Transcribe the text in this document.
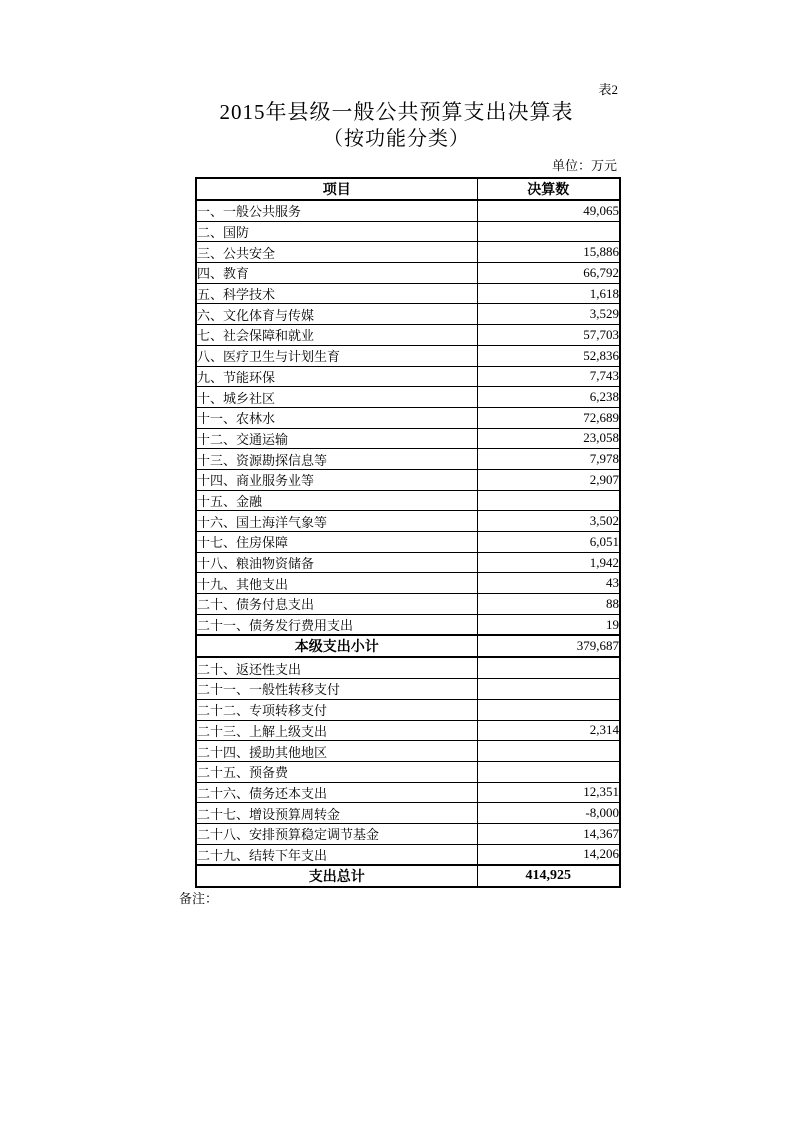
表2
2015年县级一般公共预算支出决算表
（按功能分类）
单位：万元
项目	决算数
一、一般公共服务	49,065
二、国防	
三、公共安全	15,886
四、教育	66,792
五、科学技术	1,618
六、文化体育与传媒	3,529
七、社会保障和就业	57,703
八、医疗卫生与计划生育	52,836
九、节能环保	7,743
十、城乡社区	6,238
十一、农林水	72,689
十二、交通运输	23,058
十三、资源勘探信息等	7,978
十四、商业服务业等	2,907
十五、金融	
十六、国土海洋气象等	3,502
十七、住房保障	6,051
十八、粮油物资储备	1,942
十九、其他支出	43
二十、债务付息支出	88
二十一、债务发行费用支出	19
本级支出小计	379,687
二十、返还性支出	
二十一、一般性转移支付	
二十二、专项转移支付	
二十三、上解上级支出	2,314
二十四、援助其他地区	
二十五、预备费	
二十六、债务还本支出	12,351
二十七、增设预算周转金	-8,000
二十八、安排预算稳定调节基金	14,367
二十九、结转下年支出	14,206
支出总计	414,925
备注：
